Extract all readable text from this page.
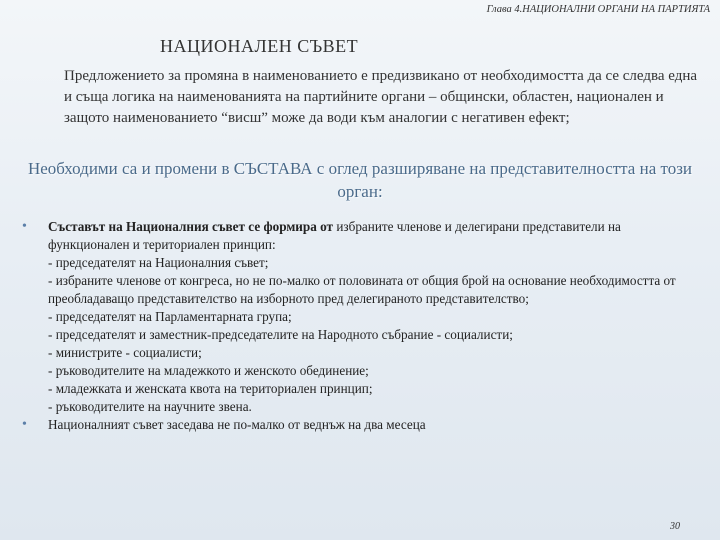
Глава 4.НАЦИОНАЛНИ ОРГАНИ НА ПАРТИЯТА
НАЦИОНАЛЕН СЪВЕТ
Предложението за промяна в наименованието е предизвикано от необходимостта да се следва една и съща логика на наименованията на партийните органи – общински, областен, национален и защото наименованието “висш” може да води към аналогии с негативен ефект;
Необходими са и промени в СЪСТАВА с оглед разширяване на представителността на този орган:
• Съставът на Националния съвет се формира от избраните членове и делегирани представители на функционален и териториален принцип:
- председателят на Националния съвет;
- избраните членове от конгреса, но не по-малко от половината от общия брой на основание необходимостта от преобладаващо представителство на изборното пред делегираното представителство;
- председателят на Парламентарната група;
- председателят и заместник-председателите на Народното събрание - социалисти;
- министрите - социалисти;
- ръководителите на младежкото и женското обединение;
- младежката и женската квота на териториален принцип;
- ръководителите на научните звена.
• Националният съвет заседава не по-малко от веднъж на два месеца
30
